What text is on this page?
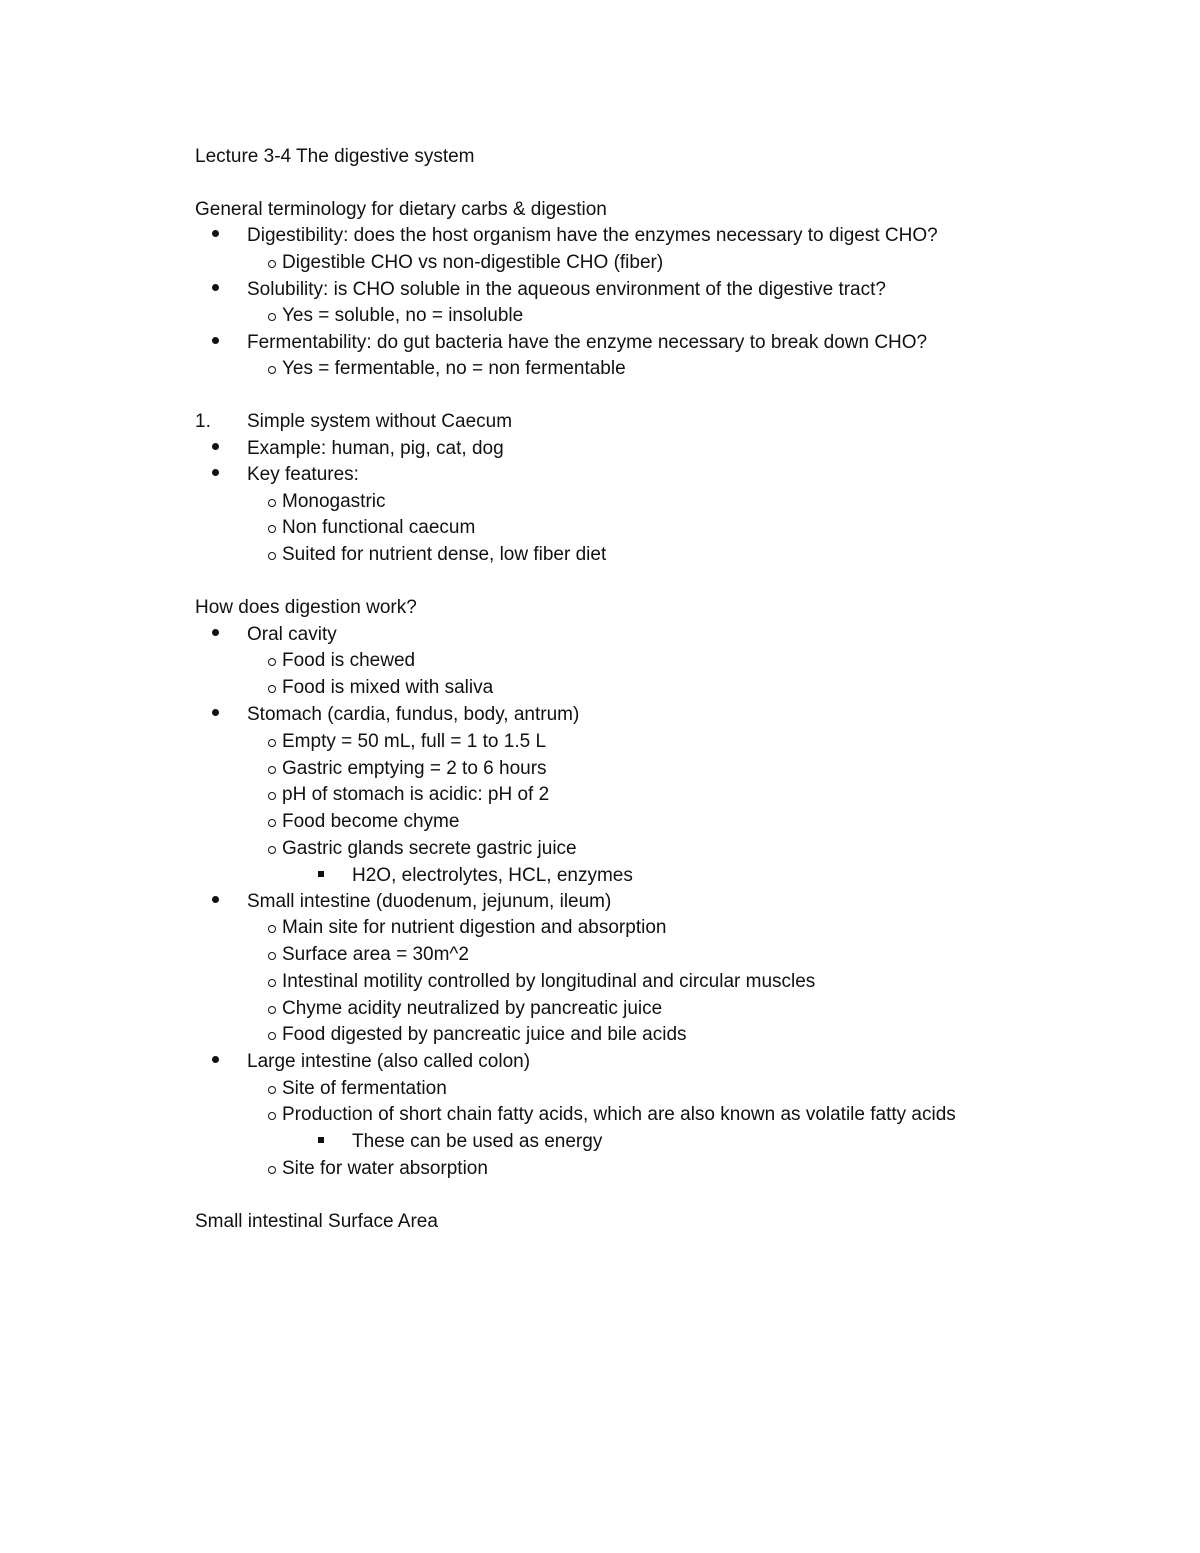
Lecture 3-4 The digestive system
General terminology for dietary carbs & digestion
Digestibility: does the host organism have the enzymes necessary to digest CHO?
Digestible CHO vs non-digestible CHO (fiber)
Solubility: is CHO soluble in the aqueous environment of the digestive tract?
Yes = soluble, no = insoluble
Fermentability: do gut bacteria have the enzyme necessary to break down CHO?
Yes = fermentable, no = non fermentable
1. Simple system without Caecum
Example: human, pig, cat, dog
Key features:
Monogastric
Non functional caecum
Suited for nutrient dense, low fiber diet
How does digestion work?
Oral cavity
Food is chewed
Food is mixed with saliva
Stomach (cardia, fundus, body, antrum)
Empty = 50 mL, full = 1 to 1.5 L
Gastric emptying = 2 to 6 hours
pH of stomach is acidic: pH of 2
Food become chyme
Gastric glands secrete gastric juice
H2O, electrolytes, HCL, enzymes
Small intestine (duodenum, jejunum, ileum)
Main site for nutrient digestion and absorption
Surface area = 30m^2
Intestinal motility controlled by longitudinal and circular muscles
Chyme acidity neutralized by pancreatic juice
Food digested by pancreatic juice and bile acids
Large intestine (also called colon)
Site of fermentation
Production of short chain fatty acids, which are also known as volatile fatty acids
These can be used as energy
Site for water absorption
Small intestinal Surface Area
